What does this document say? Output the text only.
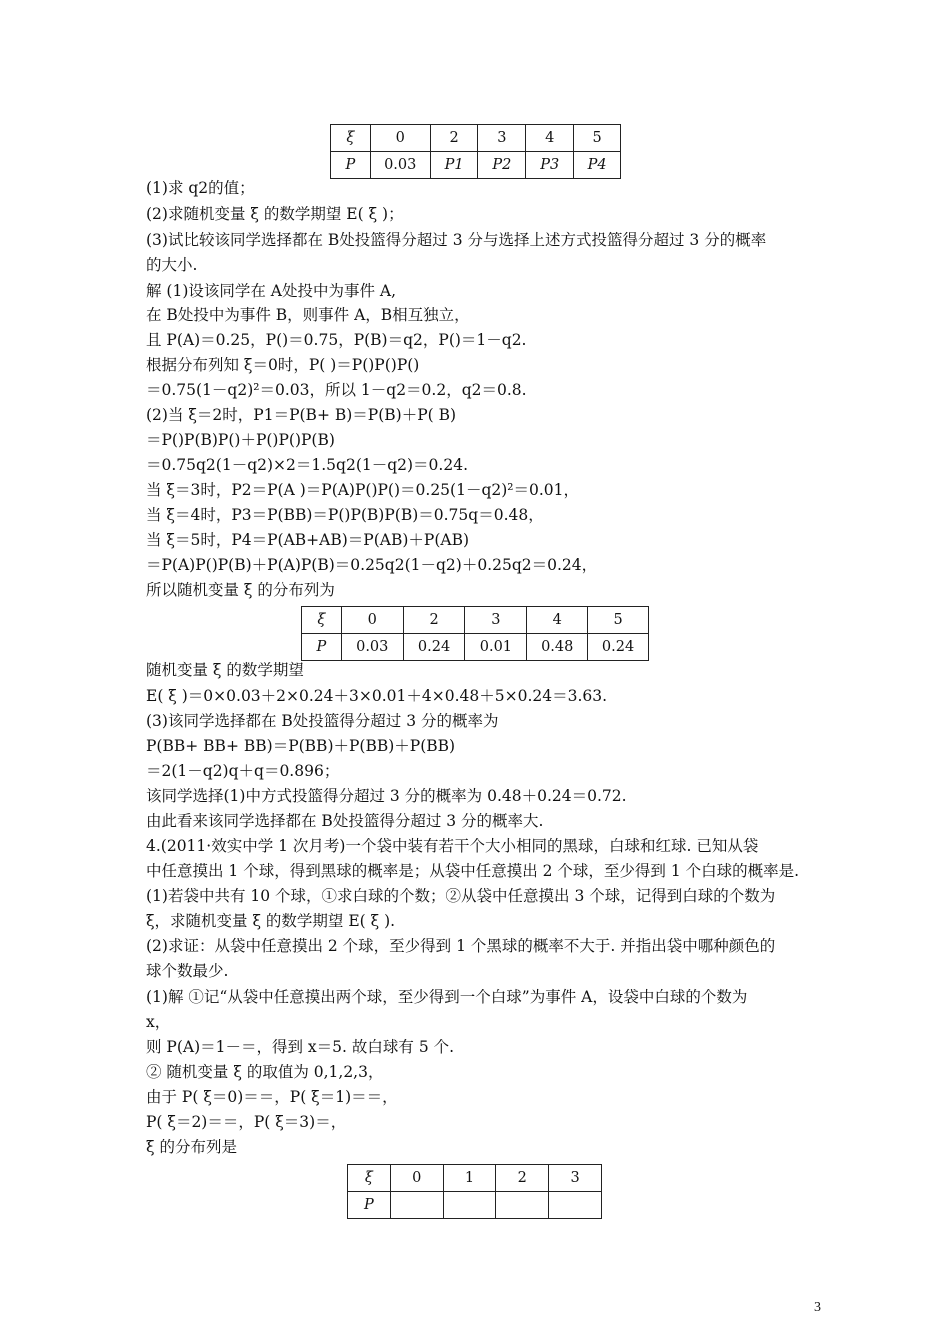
ξ	0	2	3	4	5
P	0.03	P1	P2	P3	P4
(1)求 q2的值；
(2)求随机变量 ξ 的数学期望 E( ξ )；
(3)试比较该同学选择都在 B处投篮得分超过 3 分与选择上述方式投篮得分超过 3 分的概率
的大小.
解 (1)设该同学在 A处投中为事件 A,
在 B处投中为事件 B，则事件 A，B相互独立，
且 P(A)＝0.25，P()＝0.75，P(B)＝q2，P()＝1－q2.
根据分布列知 ξ＝0时，P( )＝P()P()P()
＝0.75(1－q2)²＝0.03，所以 1－q2＝0.2，q2＝0.8.
(2)当 ξ＝2时，P1＝P(B+ B)＝P(B)＋P( B)
＝P()P(B)P()＋P()P()P(B)
＝0.75q2(1－q2)×2＝1.5q2(1－q2)＝0.24.
当 ξ＝3时，P2＝P(A )＝P(A)P()P()＝0.25(1－q2)²＝0.01，
当 ξ＝4时，P3＝P(BB)＝P()P(B)P(B)＝0.75q＝0.48，
当 ξ＝5时，P4＝P(AB+AB)＝P(AB)＋P(AB)
＝P(A)P()P(B)＋P(A)P(B)＝0.25q2(1－q2)＋0.25q2＝0.24，
所以随机变量 ξ 的分布列为
ξ	0	2	3	4	5
P	0.03	0.24	0.01	0.48	0.24
随机变量 ξ 的数学期望
E( ξ )＝0×0.03＋2×0.24＋3×0.01＋4×0.48＋5×0.24＝3.63.
(3)该同学选择都在 B处投篮得分超过 3 分的概率为
P(BB+ BB+ BB)＝P(BB)＋P(BB)＋P(BB)
＝2(1－q2)q＋q＝0.896；
该同学选择(1)中方式投篮得分超过 3 分的概率为 0.48＋0.24＝0.72.
由此看来该同学选择都在 B处投篮得分超过 3 分的概率大.
4.(2011·效实中学 1 次月考)一个袋中装有若干个大小相同的黑球，白球和红球. 已知从袋
中任意摸出 1 个球，得到黑球的概率是；从袋中任意摸出 2 个球，至少得到 1 个白球的概率是.
(1)若袋中共有 10 个球，①求白球的个数；②从袋中任意摸出 3 个球，记得到白球的个数为
ξ，求随机变量 ξ 的数学期望 E( ξ ).
(2)求证：从袋中任意摸出 2 个球，至少得到 1 个黑球的概率不大于. 并指出袋中哪种颜色的
球个数最少.
(1)解 ①记“从袋中任意摸出两个球，至少得到一个白球”为事件 A，设袋中白球的个数为
x，
则 P(A)＝1－＝，得到 x＝5. 故白球有 5 个.
② 随机变量 ξ 的取值为 0,1,2,3，
由于 P( ξ＝0)＝＝，P( ξ＝1)＝＝，
P( ξ＝2)＝＝，P( ξ＝3)＝，
ξ 的分布列是
ξ	0	1	2	3
P				
3
